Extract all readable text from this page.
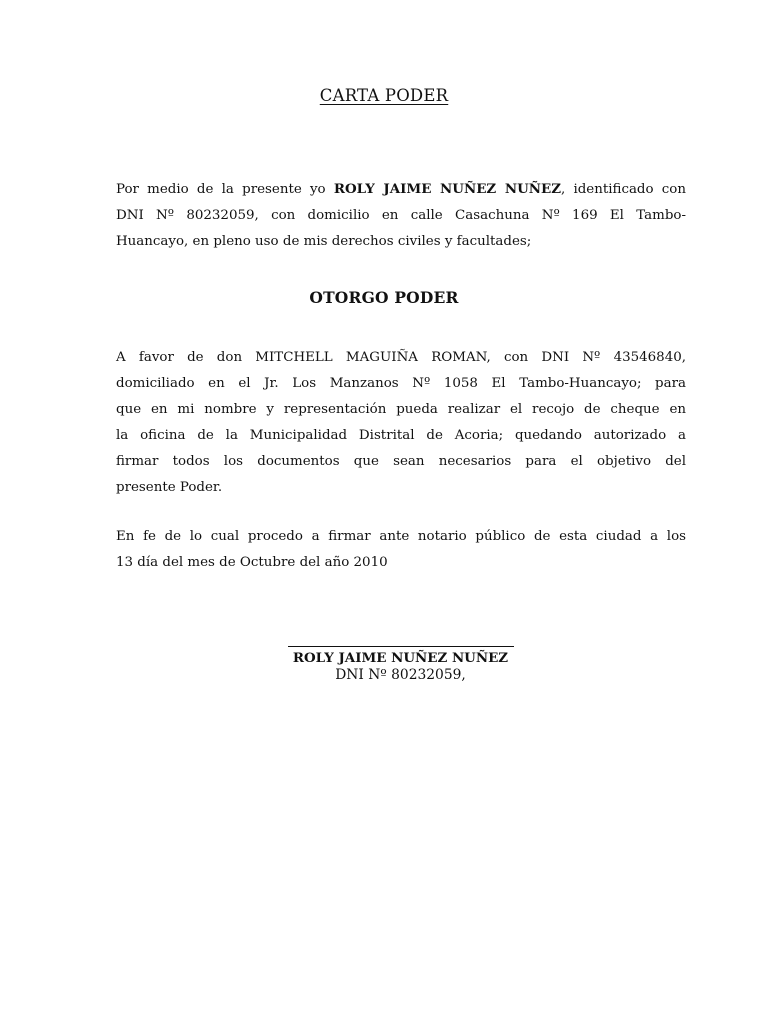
CARTA PODER
Por medio de la presente yo ROLY JAIME NUÑEZ NUÑEZ, identificado con
DNI Nº 80232059, con domicilio en calle Casachuna Nº 169 El Tambo-
Huancayo, en pleno uso de mis derechos civiles y facultades;
OTORGO PODER
A favor de don MITCHELL MAGUIÑA ROMAN, con DNI Nº 43546840,
domiciliado en el Jr. Los Manzanos Nº 1058 El Tambo-Huancayo; para
que en mi nombre y representación pueda realizar el recojo de cheque en
la oficina de la Municipalidad Distrital de Acoria; quedando autorizado a
firmar todos los documentos que sean necesarios para el objetivo del
presente Poder.
En fe de lo cual procedo a firmar ante notario público de esta ciudad a los
13 día del mes de Octubre del año 2010
ROLY JAIME NUÑEZ NUÑEZ
DNI Nº 80232059,
